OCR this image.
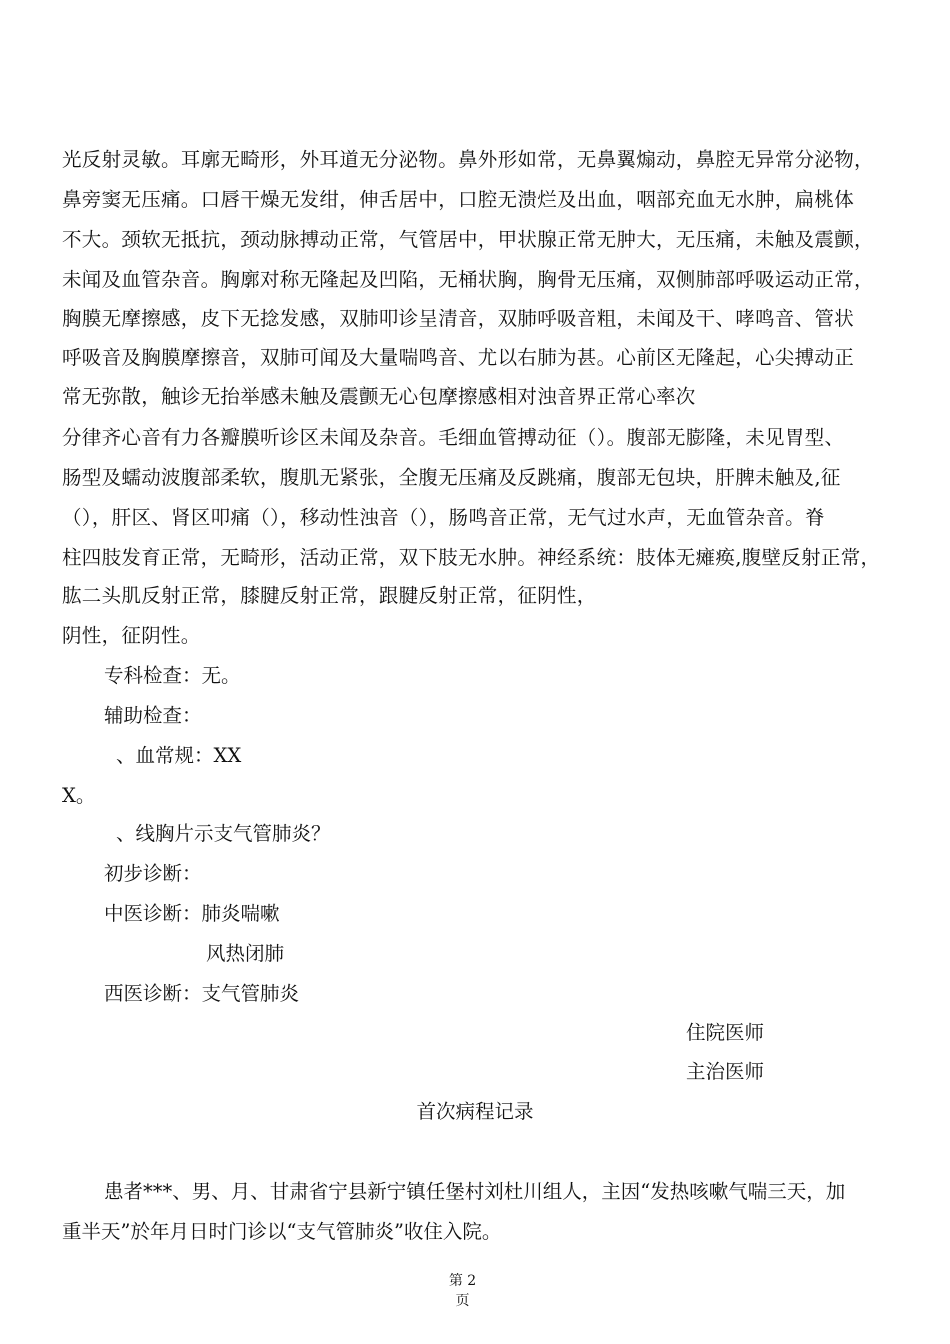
光反射灵敏。耳廓无畸形，外耳道无分泌物。鼻外形如常，无鼻翼煽动，鼻腔无异常分泌物，
鼻旁窦无压痛。口唇干燥无发绀，伸舌居中，口腔无溃烂及出血，咽部充血无水肿，扁桃体
不大。颈软无抵抗，颈动脉搏动正常，气管居中，甲状腺正常无肿大，无压痛，未触及震颤，
未闻及血管杂音。胸廓对称无隆起及凹陷，无桶状胸，胸骨无压痛，双侧肺部呼吸运动正常，
胸膜无摩擦感，皮下无捻发感，双肺叩诊呈清音，双肺呼吸音粗，未闻及干、哮鸣音、管状
呼吸音及胸膜摩擦音，双肺可闻及大量喘鸣音、尤以右肺为甚。心前区无隆起，心尖搏动正
常无弥散，触诊无抬举感未触及震颤无心包摩擦感相对浊音界正常心率次
分律齐心音有力各瓣膜听诊区未闻及杂音。毛细血管搏动征（）。腹部无膨隆，未见胃型、
肠型及蠕动波腹部柔软，腹肌无紧张，全腹无压痛及反跳痛，腹部无包块，肝脾未触及,征
（），肝区、肾区叩痛（），移动性浊音（），肠鸣音正常，无气过水声，无血管杂音。脊
柱四肢发育正常，无畸形，活动正常，双下肢无水肿。神经系统：肢体无瘫痪,腹壁反射正常，
肱二头肌反射正常，膝腱反射正常，跟腱反射正常，征阴性，
阴性，征阴性。
专科检查：无。
辅助检查：
、血常规：XX
X。
、线胸片示支气管肺炎？
初步诊断：
中医诊断：肺炎喘嗽
风热闭肺
西医诊断：支气管肺炎
住院医师
主治医师
首次病程记录
患者***、男、月、甘肃省宁县新宁镇任堡村刘杜川组人，主因“发热咳嗽气喘三天，加
重半天”於年月日时门诊以“支气管肺炎”收住入院。
第 2
页
